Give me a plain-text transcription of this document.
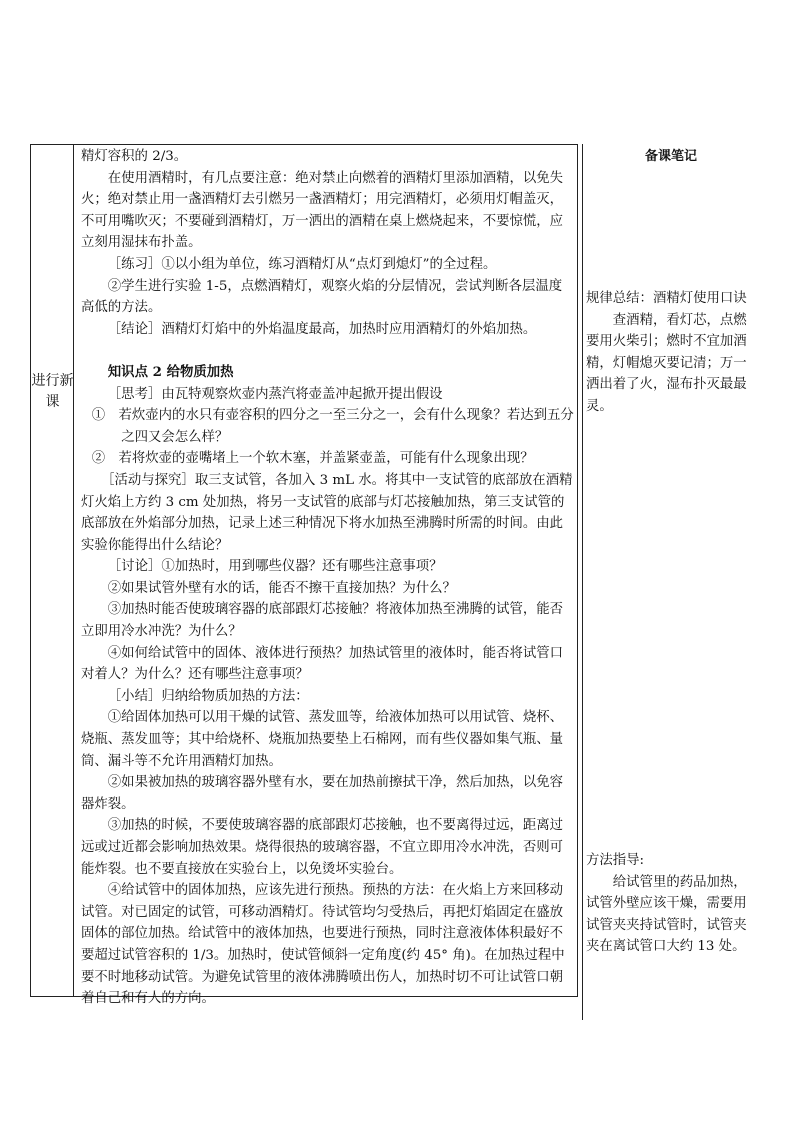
进行新课

精灯容积的 2/3。

在使用酒精时，有几点要注意：绝对禁止向燃着的酒精灯里添加酒精，以免失火；绝对禁止用一盏酒精灯去引燃另一盏酒精灯；用完酒精灯，必须用灯帽盖灭，不可用嘴吹灭；不要碰到酒精灯，万一洒出的酒精在桌上燃烧起来，不要惊慌，应立刻用湿抹布扑盖。

［练习］①以小组为单位，练习酒精灯从“点灯到熄灯”的全过程。

②学生进行实验 1-5，点燃酒精灯，观察火焰的分层情况，尝试判断各层温度高低的方法。

［结论］酒精灯灯焰中的外焰温度最高，加热时应用酒精灯的外焰加热。

知识点 2 给物质加热

［思考］由瓦特观察炊壶内蒸汽将壶盖冲起掀开提出假设

①　若炊壶内的水只有壶容积的四分之一至三分之一，会有什么现象？若达到五分之四又会怎么样？

②　若将炊壶的壶嘴堵上一个软木塞，并盖紧壶盖，可能有什么现象出现？

［活动与探究］取三支试管，各加入 3 mL 水。将其中一支试管的底部放在酒精灯火焰上方约 3 cm 处加热，将另一支试管的底部与灯芯接触加热，第三支试管的底部放在外焰部分加热，记录上述三种情况下将水加热至沸腾时所需的时间。由此实验你能得出什么结论？

［讨论］①加热时，用到哪些仪器？还有哪些注意事项？

②如果试管外壁有水的话，能否不擦干直接加热？为什么？

③加热时能否使玻璃容器的底部跟灯芯接触？将液体加热至沸腾的试管，能否立即用冷水冲洗？为什么？

④如何给试管中的固体、液体进行预热？加热试管里的液体时，能否将试管口对着人？为什么？还有哪些注意事项？

［小结］归纳给物质加热的方法：

①给固体加热可以用干燥的试管、蒸发皿等，给液体加热可以用试管、烧杯、烧瓶、蒸发皿等；其中给烧杯、烧瓶加热要垫上石棉网，而有些仪器如集气瓶、量筒、漏斗等不允许用酒精灯加热。

②如果被加热的玻璃容器外壁有水，要在加热前擦拭干净，然后加热，以免容器炸裂。

③加热的时候，不要使玻璃容器的底部跟灯芯接触，也不要离得过远，距离过远或过近都会影响加热效果。烧得很热的玻璃容器，不宜立即用冷水冲洗，否则可能炸裂。也不要直接放在实验台上，以免烫坏实验台。

④给试管中的固体加热，应该先进行预热。预热的方法：在火焰上方来回移动试管。对已固定的试管，可移动酒精灯。待试管均匀受热后，再把灯焰固定在盛放固体的部位加热。给试管中的液体加热，也要进行预热，同时注意液体体积最好不要超过试管容积的 1/3。加热时，使试管倾斜一定角度(约 45° 角)。在加热过程中要不时地移动试管。为避免试管里的液体沸腾喷出伤人，加热时切不可让试管口朝着自己和有人的方向。

备课笔记

规律总结：酒精灯使用口诀

查酒精，看灯芯，点燃要用火柴引；燃时不宜加酒精，灯帽熄灭要记清；万一洒出着了火，湿布扑灭最最灵。

方法指导:

给试管里的药品加热，试管外壁应该干燥，需要用试管夹夹持试管时，试管夹夹在离试管口大约 13 处。
